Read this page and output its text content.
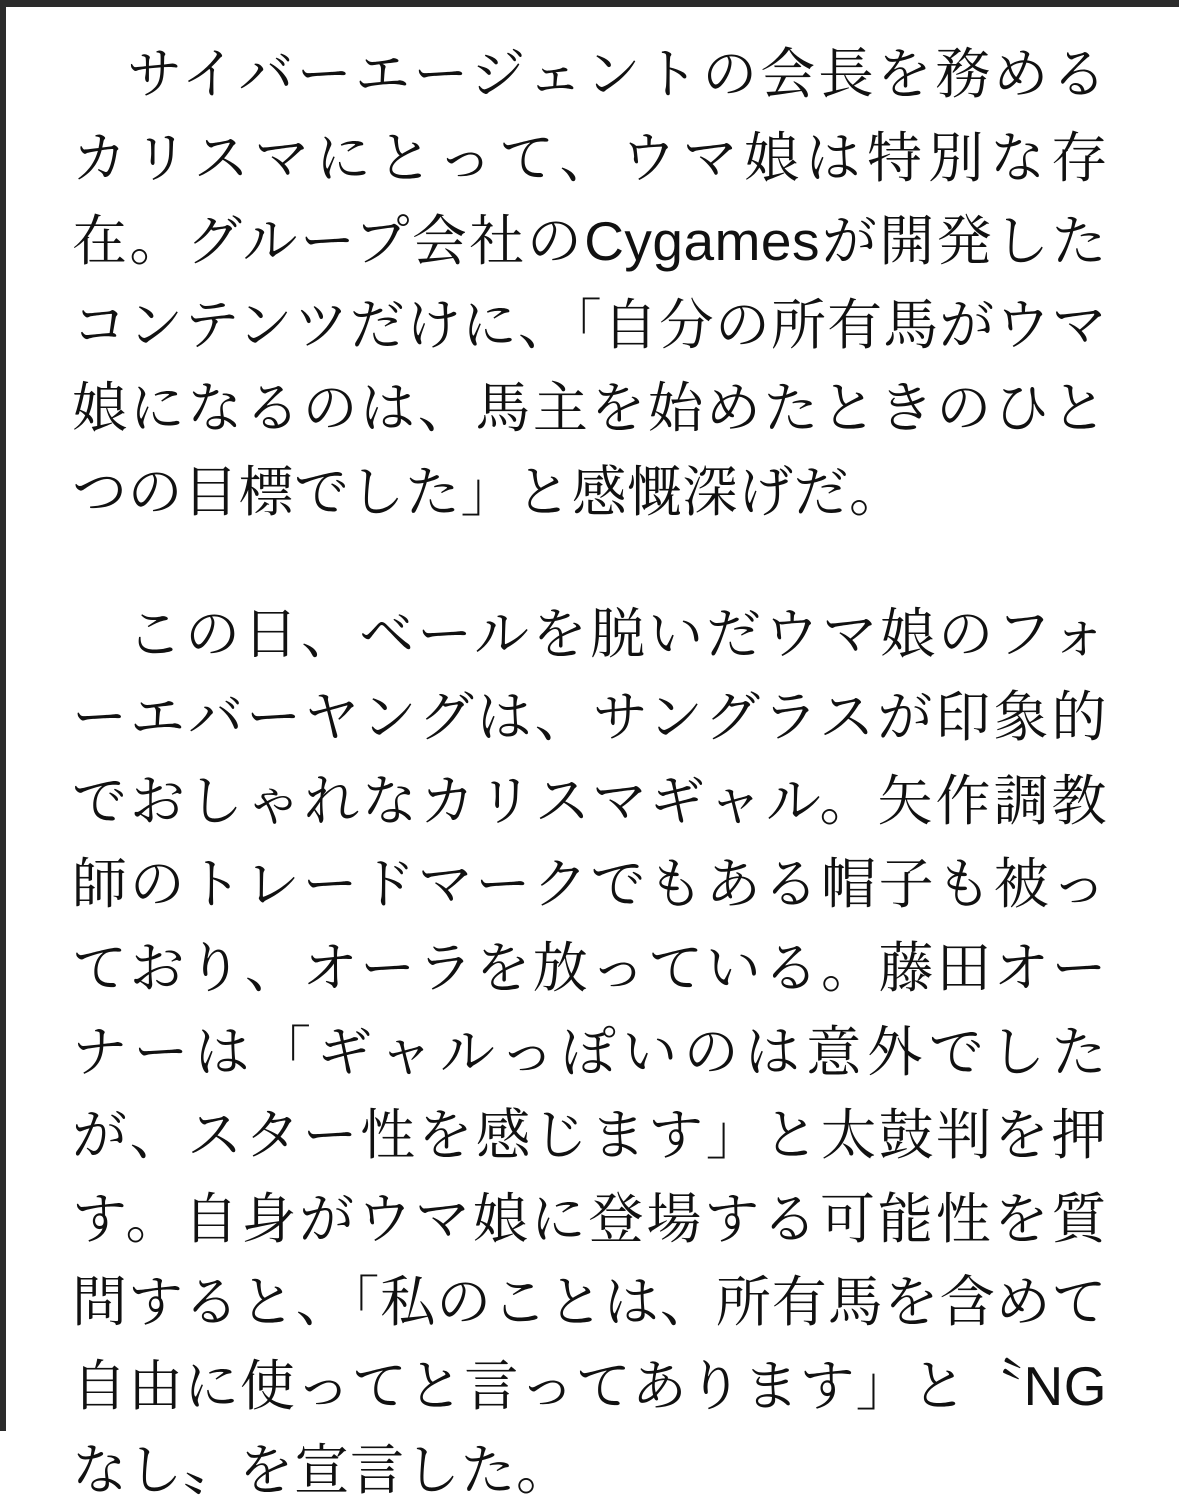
サイバーエージェントの会長を務めるカリスマにとって、ウマ娘は特別な存在。グループ会社のCygamesが開発したコンテンツだけに、「自分の所有馬がウマ娘になるのは、馬主を始めたときのひとつの目標でした」と感慨深げだ。

この日、ベールを脱いだウマ娘のフォーエバーヤングは、サングラスが印象的でおしゃれなカリスマギャル。矢作調教師のトレードマークでもある帽子も被っており、オーラを放っている。藤田オーナーは「ギャルっぽいのは意外でしたが、スター性を感じます」と太鼓判を押す。自身がウマ娘に登場する可能性を質問すると、「私のことは、所有馬を含めて自由に使ってと言ってあります」と〝NGなし〟を宣言した。
